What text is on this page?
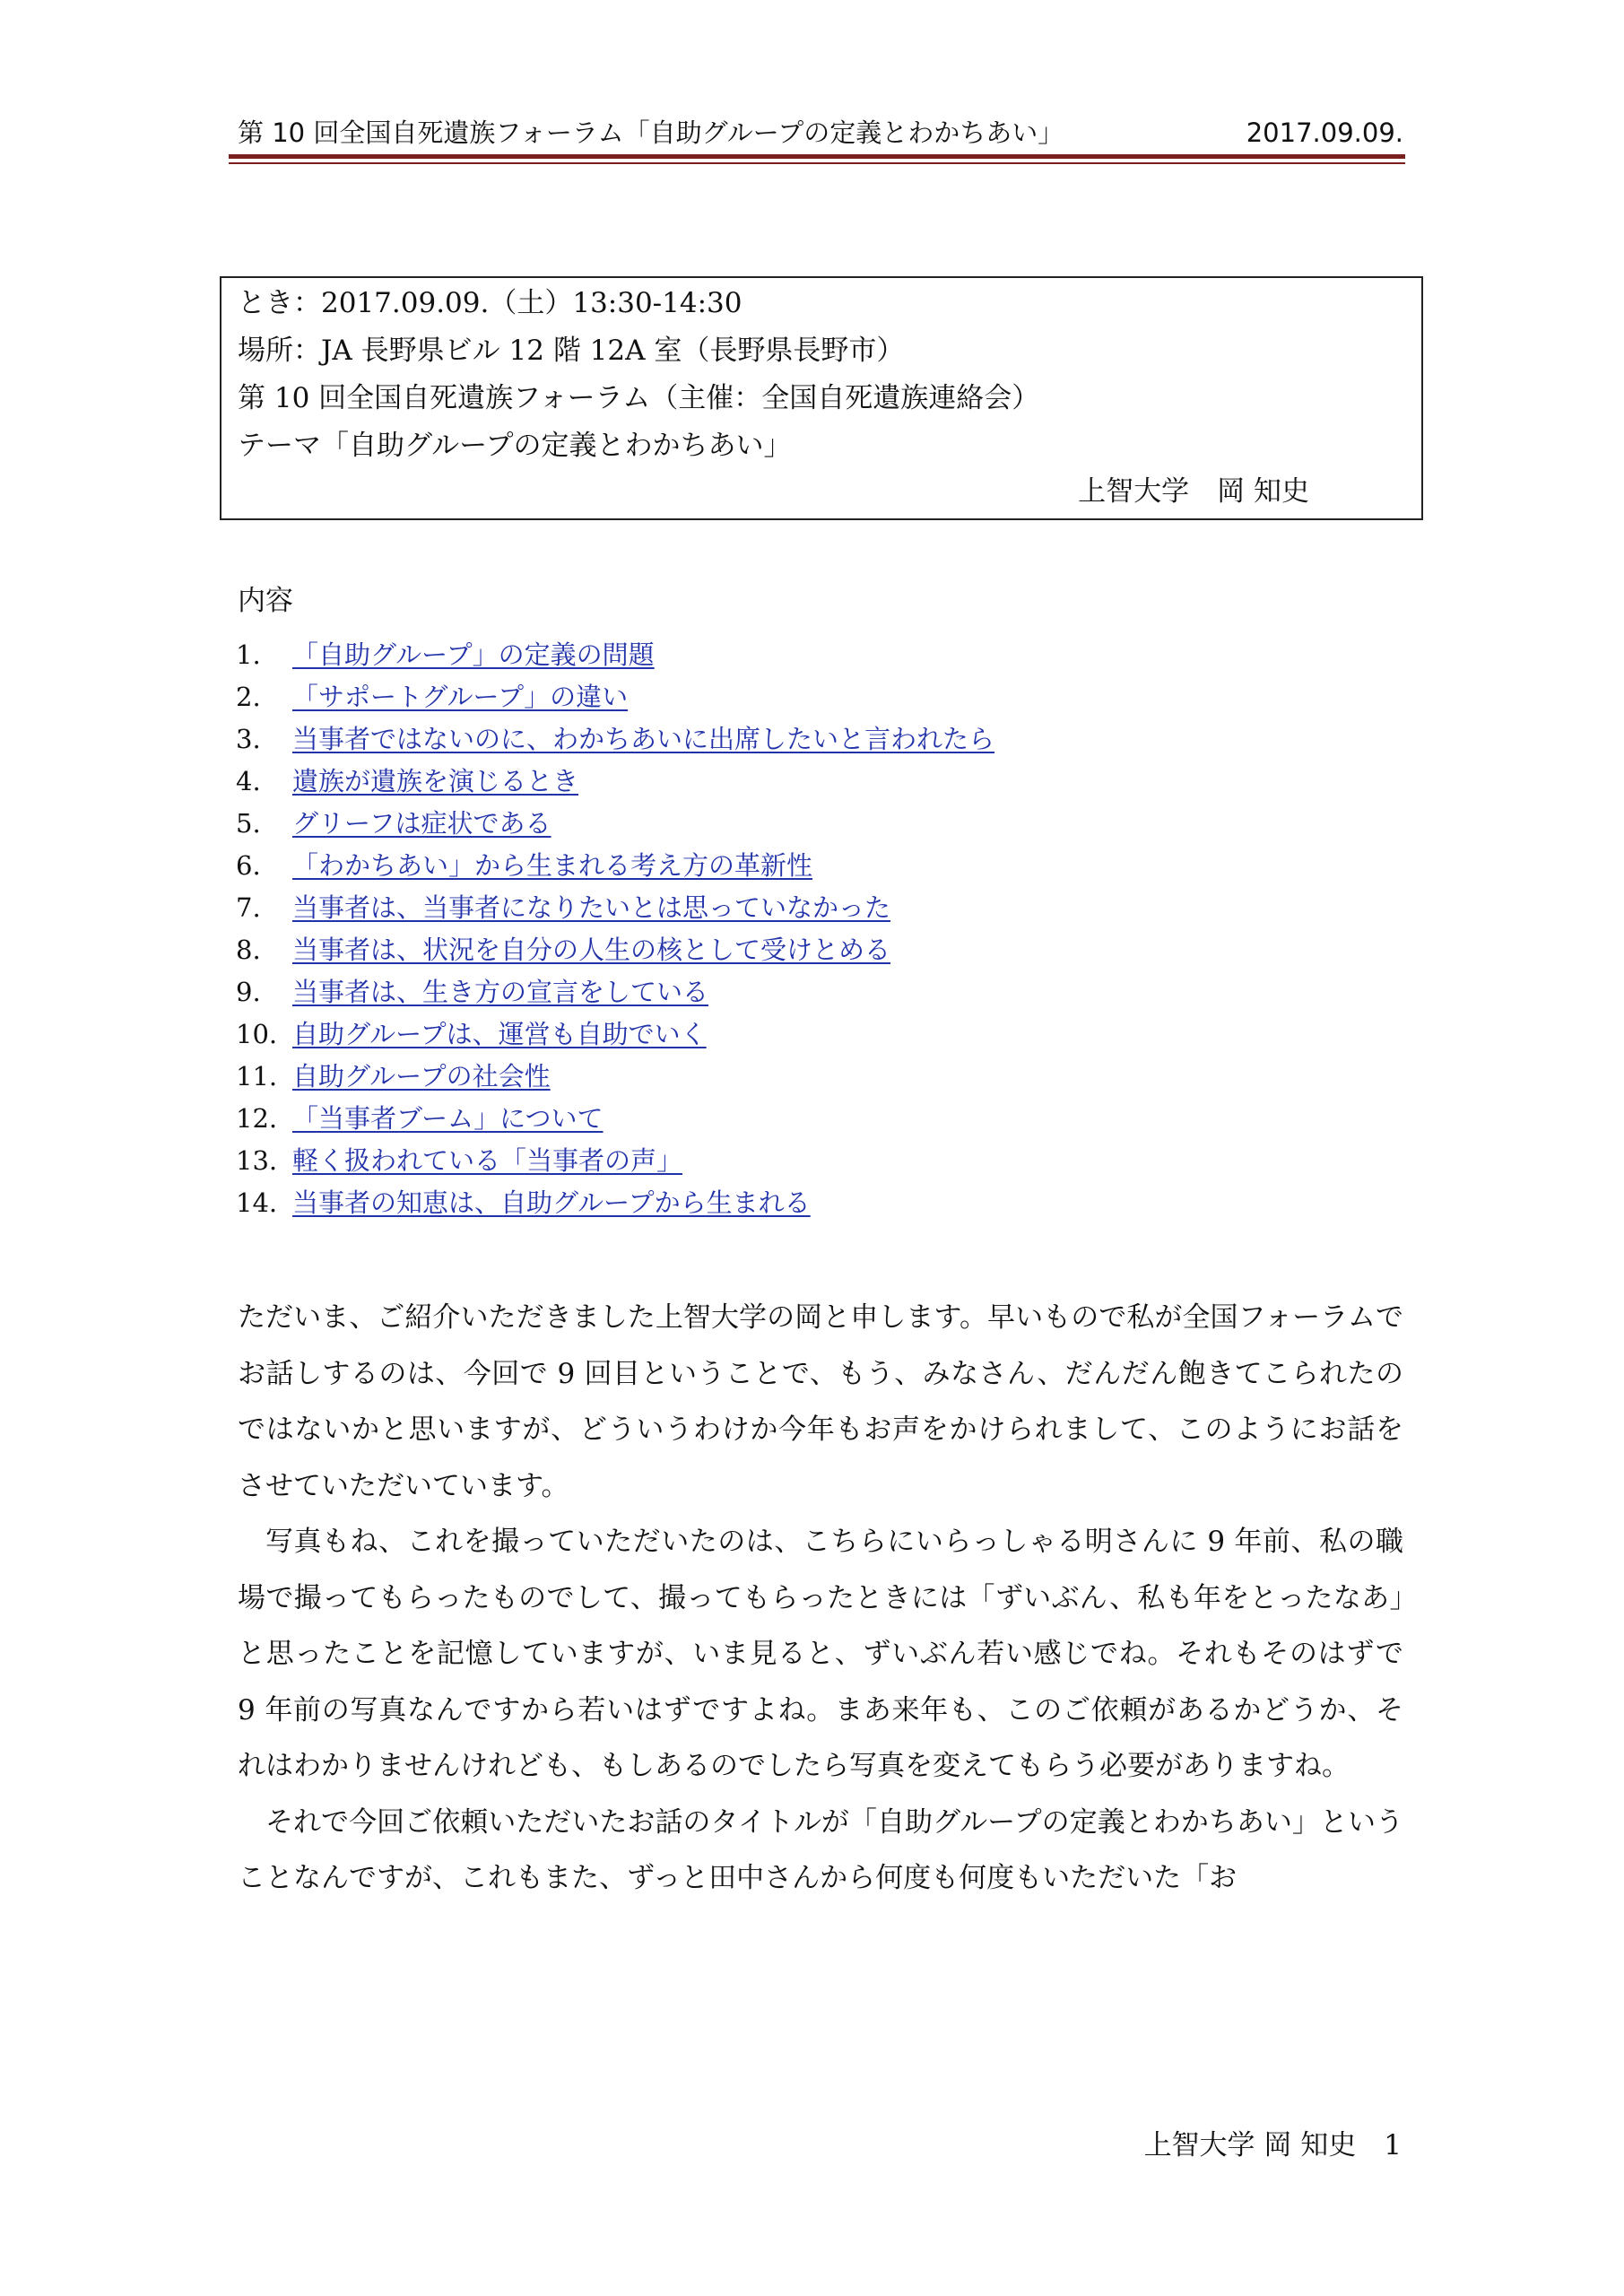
第 10 回全国自死遺族フォーラム「自助グループの定義とわかちあい」	2017.09.09.
とき：2017.09.09.（土）13:30-14:30
場所：JA 長野県ビル 12 階 12A 室（長野県長野市）
第 10 回全国自死遺族フォーラム（主催：全国自死遺族連絡会）
テーマ「自助グループの定義とわかちあい」
上智大学　岡 知史
内容
1. 「自助グループ」の定義の問題
2. 「サポートグループ」の違い
3. 当事者ではないのに、わかちあいに出席したいと言われたら
4. 遺族が遺族を演じるとき
5. グリーフは症状である
6. 「わかちあい」から生まれる考え方の革新性
7. 当事者は、当事者になりたいとは思っていなかった
8. 当事者は、状況を自分の人生の核として受けとめる
9. 当事者は、生き方の宣言をしている
10. 自助グループは、運営も自助でいく
11. 自助グループの社会性
12. 「当事者ブーム」について
13. 軽く扱われている「当事者の声」
14. 当事者の知恵は、自助グループから生まれる

ただいま、ご紹介いただきました上智大学の岡と申します。早いもので私が全国フォーラムでお話しするのは、今回で 9 回目ということで、もう、みなさん、だんだん飽きてこられたのではないかと思いますが、どういうわけか今年もお声をかけられまして、このようにお話をさせていただいています。

写真もね、これを撮っていただいたのは、こちらにいらっしゃる明さんに 9 年前、私の職場で撮ってもらったものでして、撮ってもらったときには「ずいぶん、私も年をとったなあ」と思ったことを記憶していますが、いま見ると、ずいぶん若い感じでね。それもそのはずで 9 年前の写真なんですから若いはずですよね。まあ来年も、このご依頼があるかどうか、それはわかりませんけれども、もしあるのでしたら写真を変えてもらう必要がありますね。

それで今回ご依頼いただいたお話のタイトルが「自助グループの定義とわかちあい」ということなんですが、これもまた、ずっと田中さんから何度も何度もいただいた「お

上智大学 岡 知史　1
